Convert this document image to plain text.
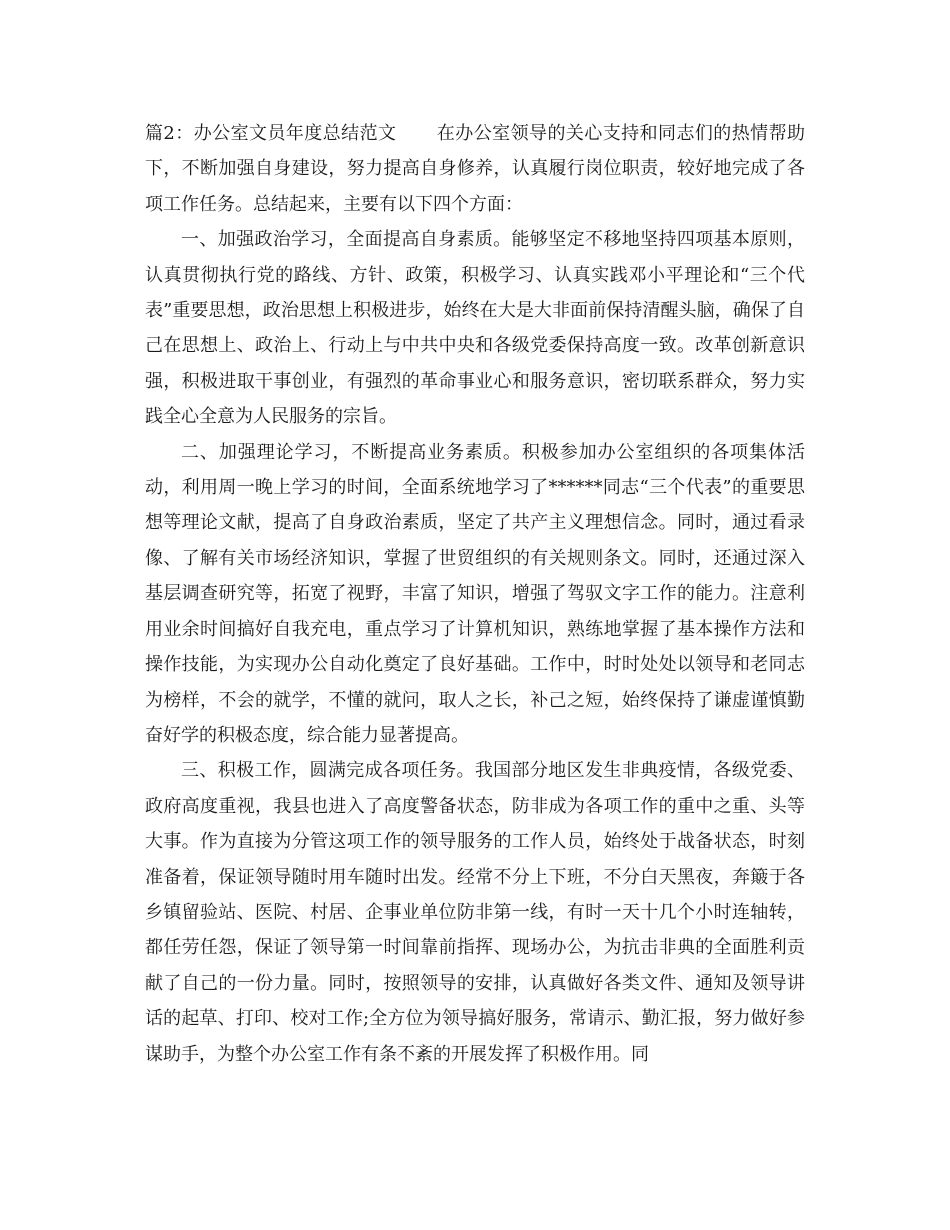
篇2：办公室文员年度总结范文 在办公室领导的关心支持和同志们的热情帮助下，不断加强自身建设，努力提高自身修养，认真履行岗位职责，较好地完成了各项工作任务。总结起来，主要有以下四个方面：

一、加强政治学习，全面提高自身素质。能够坚定不移地坚持四项基本原则，认真贯彻执行党的路线、方针、政策，积极学习、认真实践邓小平理论和“三个代表”重要思想，政治思想上积极进步，始终在大是大非面前保持清醒头脑，确保了自己在思想上、政治上、行动上与中共中央和各级党委保持高度一致。改革创新意识强，积极进取干事创业，有强烈的革命事业心和服务意识，密切联系群众，努力实践全心全意为人民服务的宗旨。

二、加强理论学习，不断提高业务素质。积极参加办公室组织的各项集体活动，利用周一晚上学习的时间，全面系统地学习了******同志“三个代表”的重要思想等理论文献，提高了自身政治素质，坚定了共产主义理想信念。同时，通过看录像、了解有关市场经济知识，掌握了世贸组织的有关规则条文。同时，还通过深入基层调查研究等，拓宽了视野，丰富了知识，增强了驾驭文字工作的能力。注意利用业余时间搞好自我充电，重点学习了计算机知识，熟练地掌握了基本操作方法和操作技能，为实现办公自动化奠定了良好基础。工作中，时时处处以领导和老同志为榜样，不会的就学，不懂的就问，取人之长，补己之短，始终保持了谦虚谨慎勤奋好学的积极态度，综合能力显著提高。

三、积极工作，圆满完成各项任务。我国部分地区发生非典疫情，各级党委、政府高度重视，我县也进入了高度警备状态，防非成为各项工作的重中之重、头等大事。作为直接为分管这项工作的领导服务的工作人员，始终处于战备状态，时刻准备着，保证领导随时用车随时出发。经常不分上下班，不分白天黑夜，奔簸于各乡镇留验站、医院、村居、企事业单位防非第一线，有时一天十几个小时连轴转，都任劳任怨，保证了领导第一时间靠前指挥、现场办公，为抗击非典的全面胜利贡献了自己的一份力量。同时，按照领导的安排，认真做好各类文件、通知及领导讲话的起草、打印、校对工作;全方位为领导搞好服务，常请示、勤汇报，努力做好参谋助手，为整个办公室工作有条不紊的开展发挥了积极作用。同
